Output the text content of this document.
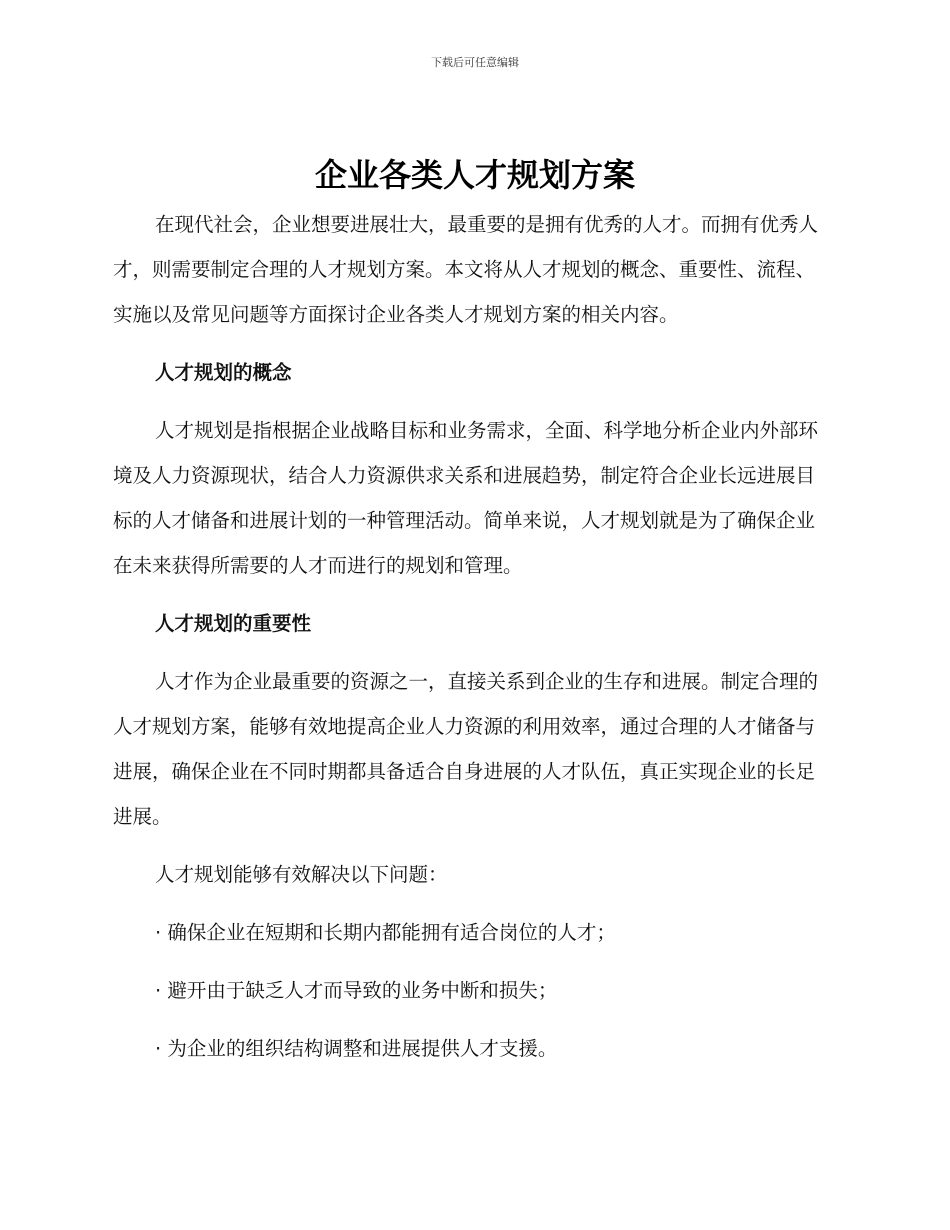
下载后可任意编辑
企业各类人才规划方案

在现代社会，企业想要进展壮大，最重要的是拥有优秀的人才。而拥有优秀人才，则需要制定合理的人才规划方案。本文将从人才规划的概念、重要性、流程、实施以及常见问题等方面探讨企业各类人才规划方案的相关内容。

人才规划的概念

人才规划是指根据企业战略目标和业务需求，全面、科学地分析企业内外部环境及人力资源现状，结合人力资源供求关系和进展趋势，制定符合企业长远进展目标的人才储备和进展计划的一种管理活动。简单来说，人才规划就是为了确保企业在未来获得所需要的人才而进行的规划和管理。

人才规划的重要性

人才作为企业最重要的资源之一，直接关系到企业的生存和进展。制定合理的人才规划方案，能够有效地提高企业人力资源的利用效率，通过合理的人才储备与进展，确保企业在不同时期都具备适合自身进展的人才队伍，真正实现企业的长足进展。

人才规划能够有效解决以下问题：
· 确保企业在短期和长期内都能拥有适合岗位的人才；
· 避开由于缺乏人才而导致的业务中断和损失；
· 为企业的组织结构调整和进展提供人才支援。
